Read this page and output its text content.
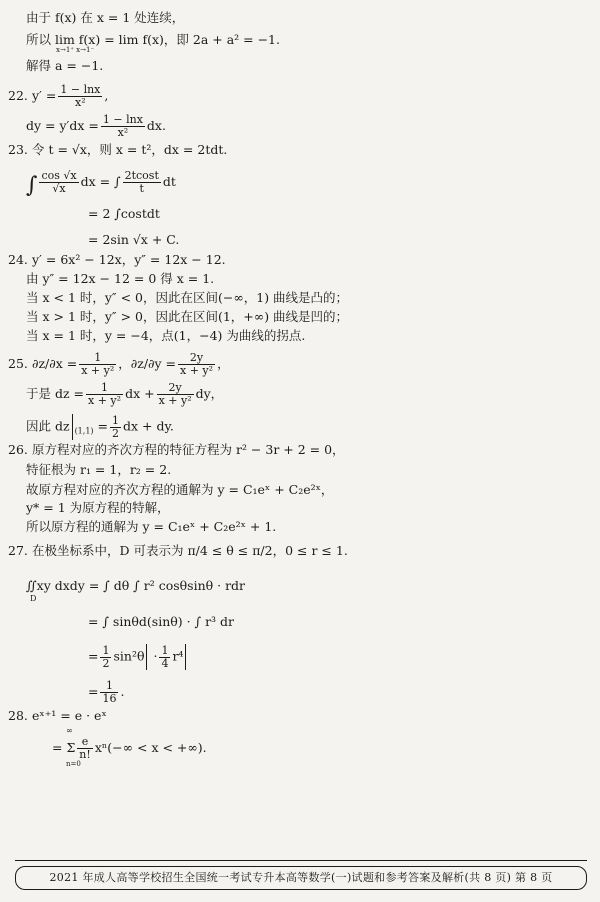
由于 f(x) 在 x = 1 处连续，
所以 lim f(x) = lim f(x)，即 2a + a² = −1.
x→1⁺ x→1⁻
解得 a = −1.
22. $y' = \frac{1 - \ln x}{\text{x²}}$ ,
dy = $y'dx = \frac{1 - \ln x}{\text{x²}}$ dx.
23. 令 t = √x，则 x = t²，dx = 2tdt.
∫ $\frac{\cos √x}{√x}$ dx = ∫ $\frac{2tcost}{t}$ dt
= 2 ∫costdt
= 2sin √x + C.
24. y′ = 6x² − 12x，y″ = 12x − 12.
由 y″ = 12x − 12 = 0 得 x = 1.
当 x < 1 时，y″ < 0，因此在区间(−∞，1) 曲线是凸的；
当 x > 1 时，y″ > 0，因此在区间(1，+∞) 曲线是凹的；
当 x = 1 时，y = −4，点(1，−4) 为曲线的拐点.
25. $\partial z/\partial x = \frac{1}{\text{x + y²}}$ ，$\partial z/\partial y = \frac{2y}{\text{x + y²}}$ ，
于是 dz = $\frac{1}{\text{x + y²}}$ dx + $\frac{2y}{\text{x + y²}}$ dy，
因此 dz $_{(1,1)} = \frac{1}{2}$ dx + dy.
26. 原方程对应的齐次方程的特征方程为 r² − 3r + 2 = 0，
特征根为 r₁ = 1，r₂ = 2.
故原方程对应的齐次方程的通解为 y = C₁eˣ + C₂e²ˣ，
y* = 1 为原方程的特解，
所以原方程的通解为 y = C₁eˣ + C₂e²ˣ + 1.
27. 在极坐标系中，D 可表示为 π/4 ≤ θ ≤ π/2，0 ≤ r ≤ 1.
∬xy dxdy = ∫ dθ ∫ r² cosθsinθ · rdr
D
= ∫ sinθd(sinθ) · ∫ r³ dr
= $\frac{1}{2} \sin^2\theta \cdot \frac{1}{4} r^4$
= $\frac{1}{16}$ .
28. eˣ⁺¹ = e · eˣ
∞
= Σ $\frac{e}{n!} x^n(-\infty < x$ < +∞).
n=0
2021 年成人高等学校招生全国统一考试专升本高等数学(一)试题和参考答案及解析(共 8 页) 第 8 页
